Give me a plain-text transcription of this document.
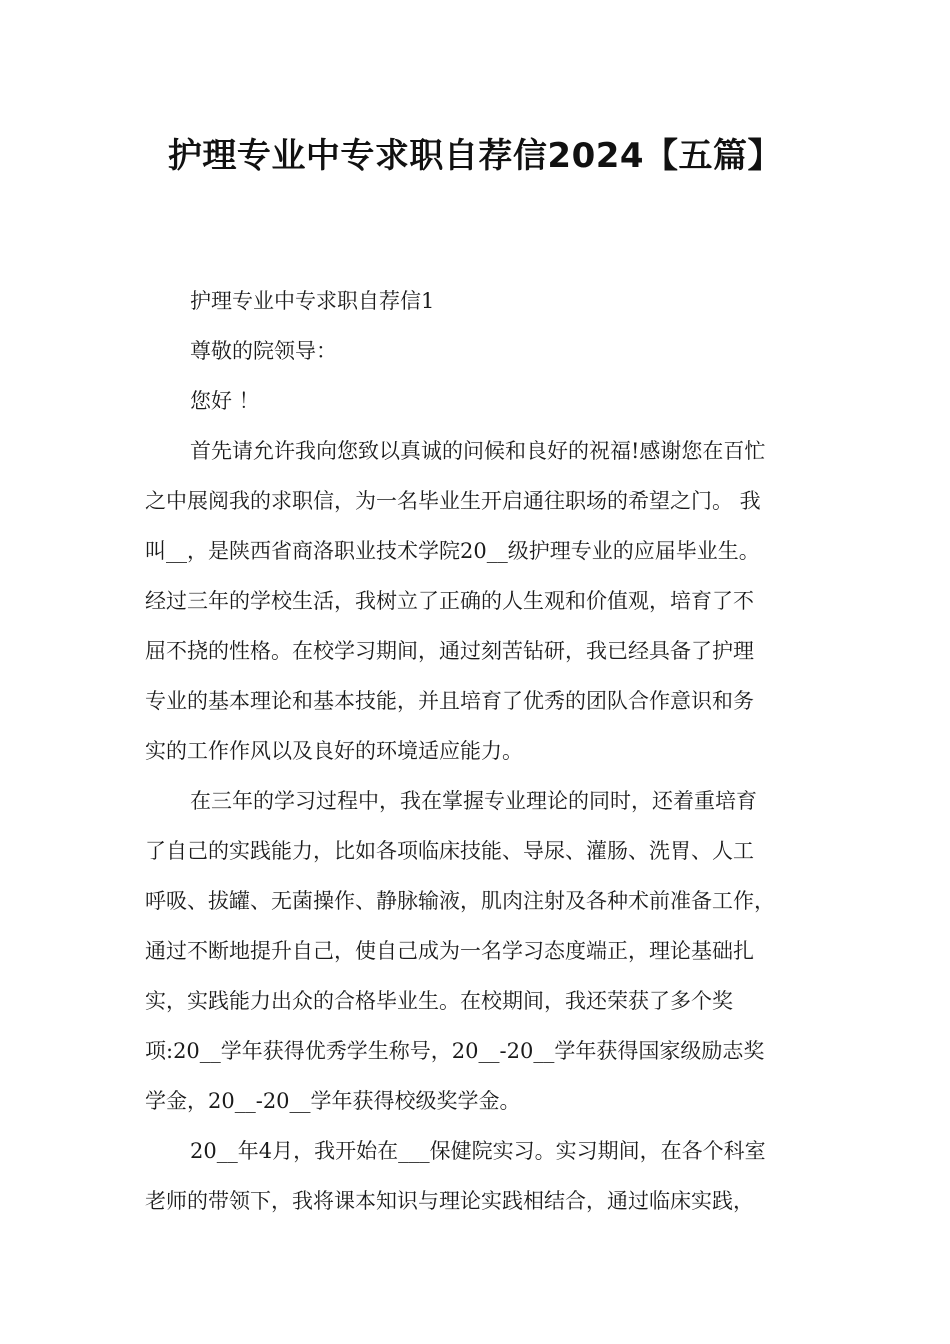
护理专业中专求职自荐信2024【五篇】
护理专业中专求职自荐信1
尊敬的院领导：
您好 ！
首先请允许我向您致以真诚的问候和良好的祝福!感谢您在百忙
之中展阅我的求职信，为一名毕业生开启通往职场的希望之门。 我
叫__，是陕西省商洛职业技术学院20__级护理专业的应届毕业生。
经过三年的学校生活，我树立了正确的人生观和价值观，培育了不
屈不挠的性格。在校学习期间，通过刻苦钻研，我已经具备了护理
专业的基本理论和基本技能，并且培育了优秀的团队合作意识和务
实的工作作风以及良好的环境适应能力。
在三年的学习过程中，我在掌握专业理论的同时，还着重培育
了自己的实践能力，比如各项临床技能、导尿、灌肠、洗胃、人工
呼吸、拔罐、无菌操作、静脉输液，肌肉注射及各种术前准备工作，
通过不断地提升自己，使自己成为一名学习态度端正，理论基础扎
实，实践能力出众的合格毕业生。在校期间，我还荣获了多个奖
项:20__学年获得优秀学生称号，20__-20__学年获得国家级励志奖
学金，20__-20__学年获得校级奖学金。
20__年4月，我开始在___保健院实习。实习期间，在各个科室
老师的带领下，我将课本知识与理论实践相结合，通过临床实践，
